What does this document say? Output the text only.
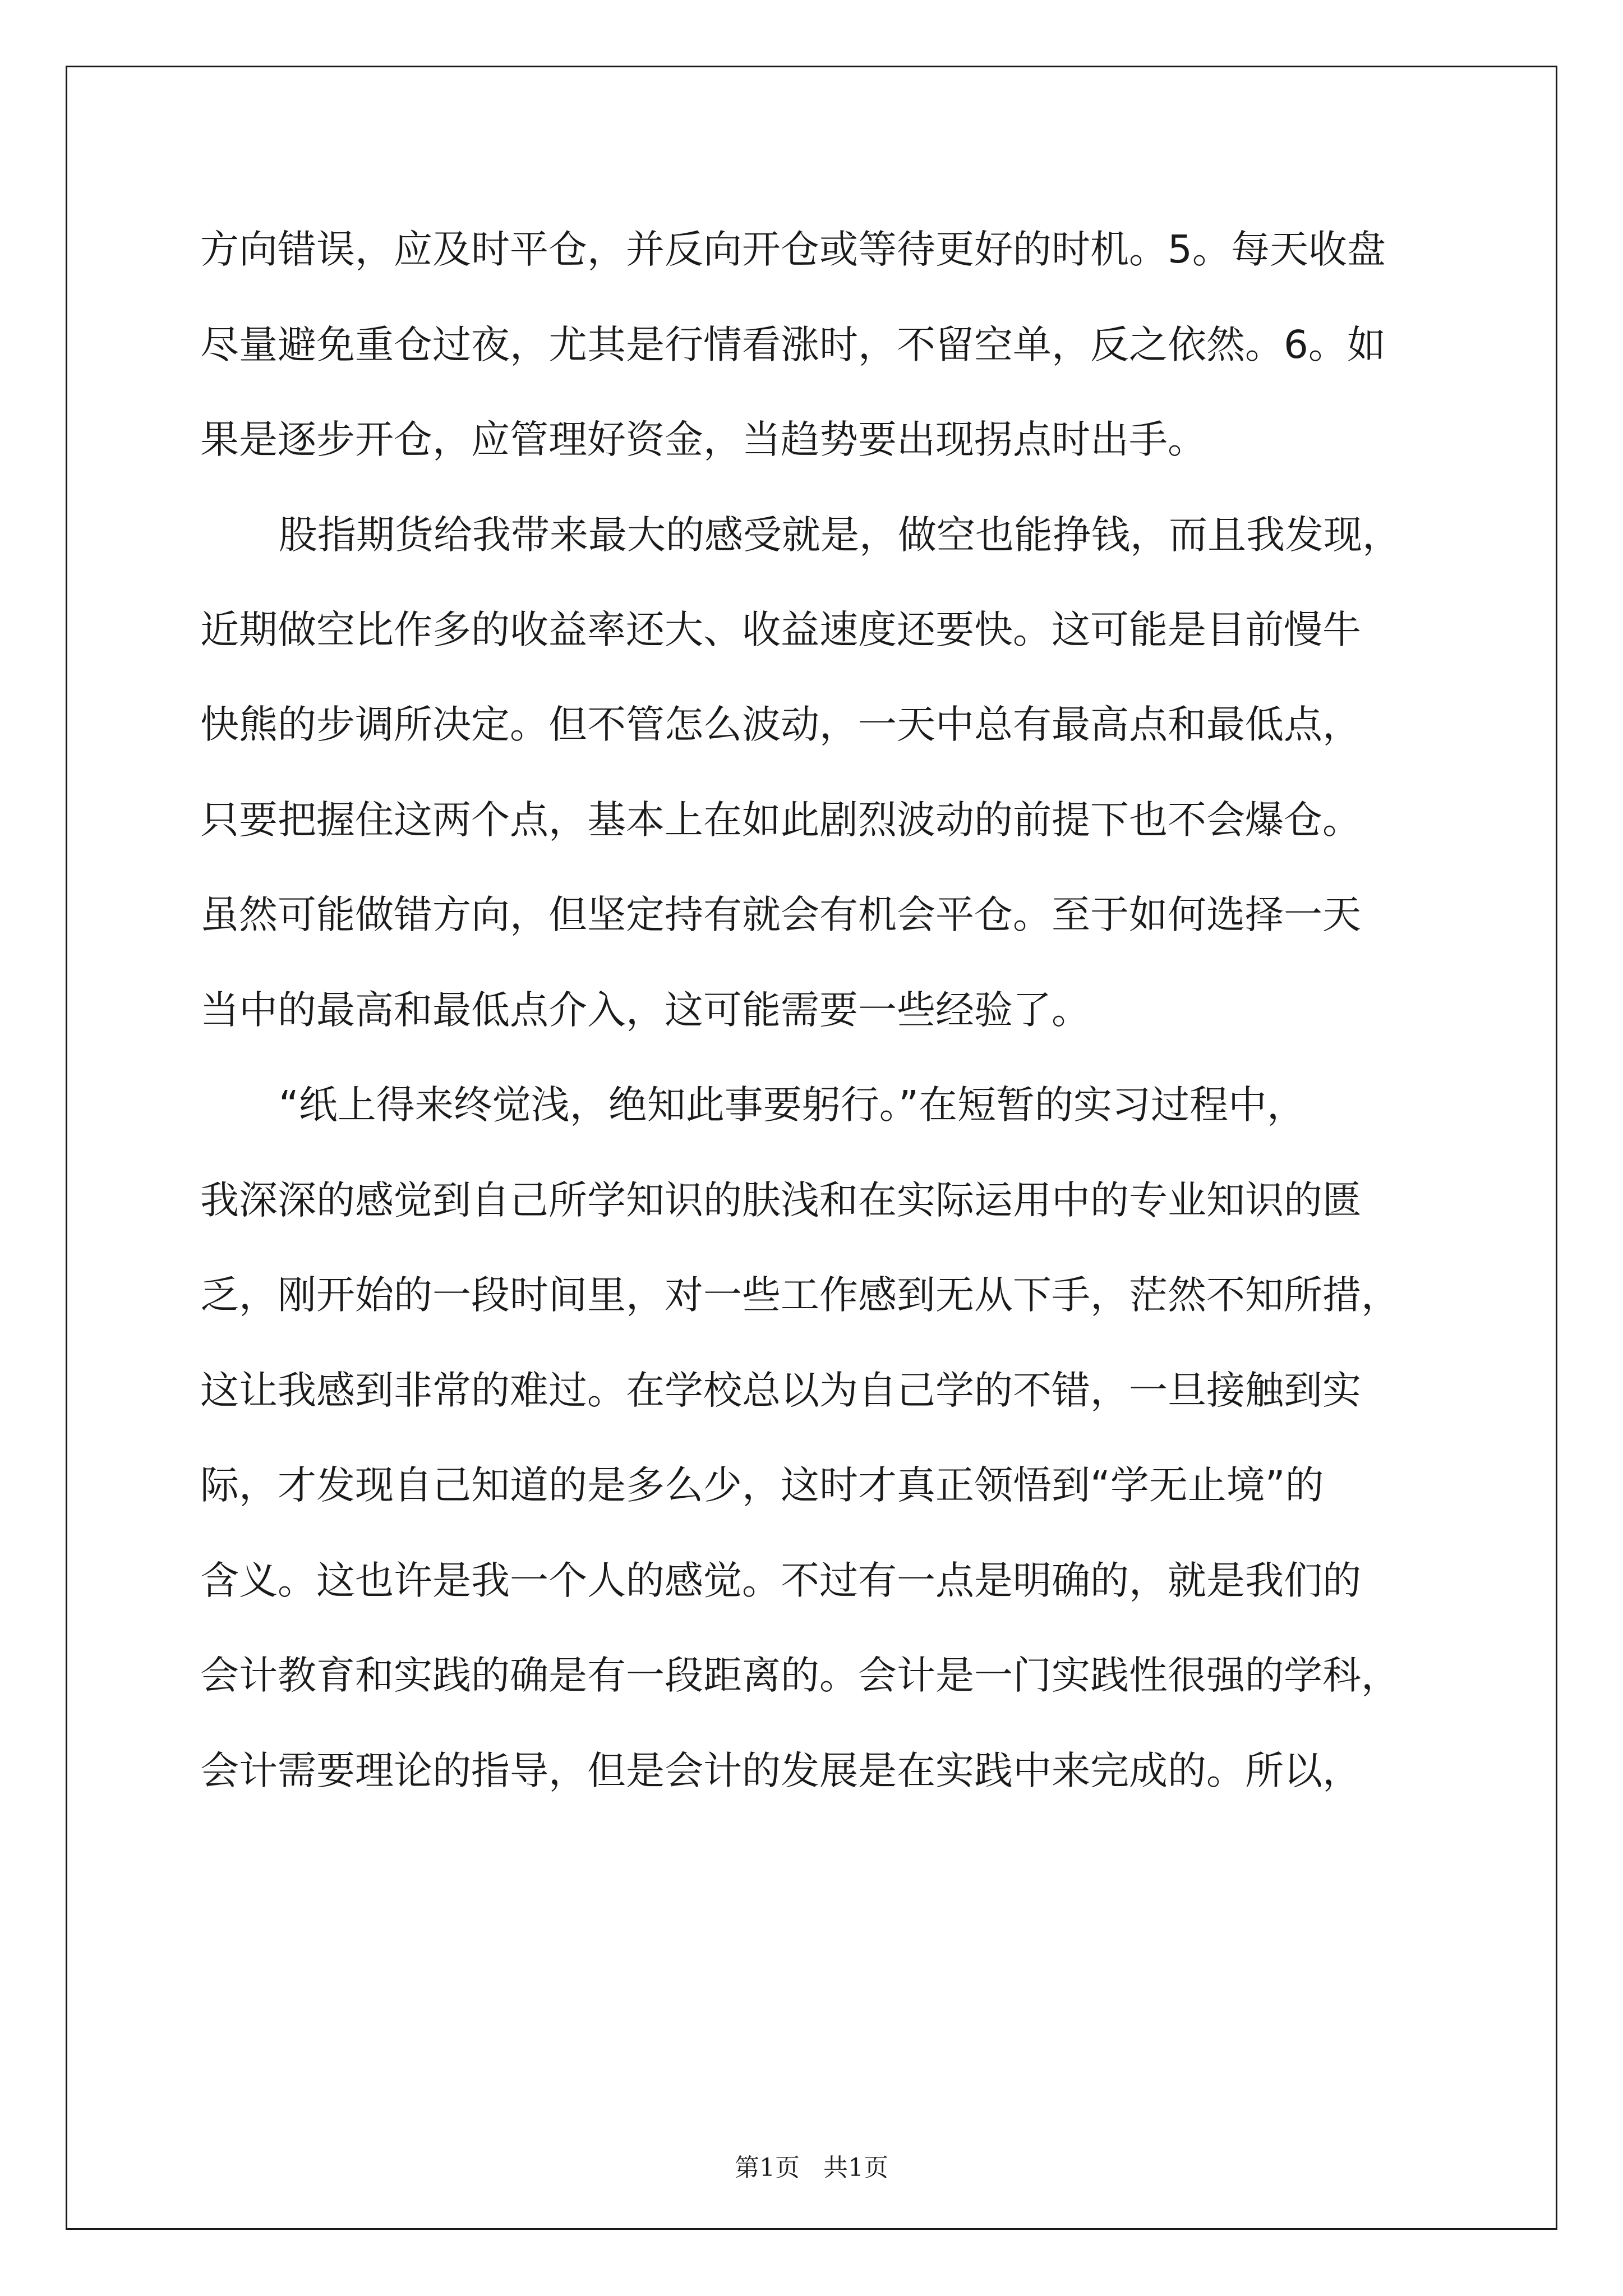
方向错误，应及时平仓，并反向开仓或等待更好的时机。5。每天收盘

尽量避免重仓过夜，尤其是行情看涨时，不留空单，反之依然。6。如

果是逐步开仓，应管理好资金，当趋势要出现拐点时出手。

股指期货给我带来最大的感受就是，做空也能挣钱，而且我发现，

近期做空比作多的收益率还大、收益速度还要快。这可能是目前慢牛

快熊的步调所决定。但不管怎么波动，一天中总有最高点和最低点，

只要把握住这两个点，基本上在如此剧烈波动的前提下也不会爆仓。

虽然可能做错方向，但坚定持有就会有机会平仓。至于如何选择一天

当中的最高和最低点介入，这可能需要一些经验了。

“纸上得来终觉浅，绝知此事要躬行。”在短暂的实习过程中，

我深深的感觉到自己所学知识的肤浅和在实际运用中的专业知识的匮

乏，刚开始的一段时间里，对一些工作感到无从下手，茫然不知所措，

这让我感到非常的难过。在学校总以为自己学的不错，一旦接触到实

际，才发现自己知道的是多么少，这时才真正领悟到“学无止境”的

含义。这也许是我一个人的感觉。不过有一点是明确的，就是我们的

会计教育和实践的确是有一段距离的。会计是一门实践性很强的学科，

会计需要理论的指导，但是会计的发展是在实践中来完成的。所以，

第1页   共1页
